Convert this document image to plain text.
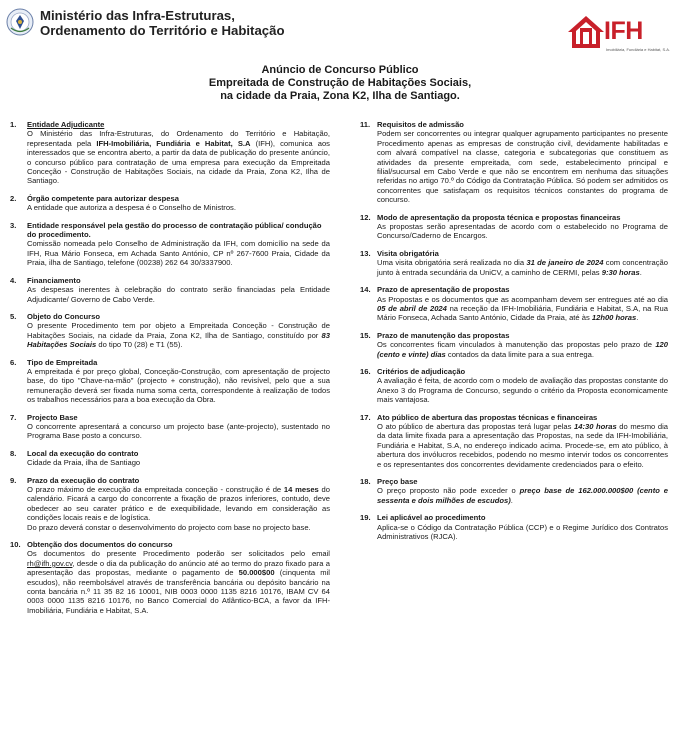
Ministério das Infra-Estruturas,
Ordenamento do Território e Habitação	IFH
Imobiliária, Fundiária e Habitat, S.A.
Anúncio de Concurso Público
Empreitada de Construção de Habitações Sociais,
na cidade da Praia, Zona K2, Ilha de Santiago.
1.	Entidade Adjudicante
O Ministério das Infra-Estruturas, do Ordenamento do Território e Habitação, representada pela IFH-Imobiliária, Fundiária e Habitat, S.A (IFH), comunica aos interessados que se encontra aberto, a partir da data de publicação do presente anúncio, o concurso público para contratação de uma empresa para execução da Empreitada Conceção - Construção de Habitações Sociais, na cidade da Praia, Zona K2, Ilha de Santiago.
2.	Órgão competente para autorizar despesa
A entidade que autoriza a despesa é o Conselho de Ministros.
3.	Entidade responsável pela gestão do processo de contratação pública/ condução do procedimento.
Comissão nomeada pelo Conselho de Administração da IFH, com domicílio na sede da IFH, Rua Mário Fonseca, em Achada Santo António, CP nº 267-7600 Praia, Cidade da Praia, ilha de Santiago, telefone (00238) 262 64 30/3337900.
4.	Financiamento
As despesas inerentes à celebração do contrato serão financiadas pela Entidade Adjudicante/ Governo de Cabo Verde.
5.	Objeto do Concurso
O presente Procedimento tem por objeto a Empreitada Conceção - Construção de Habitações Sociais, na cidade da Praia, Zona K2, Ilha de Santiago, constituído por 83 Habitações Sociais do tipo T0 (28) e T1 (55).
6.	Tipo de Empreitada
A empreitada é por preço global, Conceção-Construção, com apresentação de projecto base, do tipo "Chave-na-mão" (projecto + construção), não revisível, pelo que a sua remuneração deverá ser fixada numa soma certa, correspondente à realização de todos os trabalhos necessários para a boa execução da Obra.
7.	Projecto Base
O concorrente apresentará a concurso um projecto base (ante-projecto), sustentado no Programa Base posto a concurso.
8.	Local da execução do contrato
Cidade da Praia, ilha de Santiago
9.	Prazo da execução do contrato
O prazo máximo de execução da empreitada conceção - construção é de 14 meses do calendário. Ficará a cargo do concorrente a fixação de prazos inferiores, contudo, deve obedecer ao seu carater prático e de exequibilidade, levando em consideração as condições locais reais e de logística.
Do prazo deverá constar o desenvolvimento do projecto com base no projecto base.
10. Obtenção dos documentos do concurso
Os documentos do presente Procedimento poderão ser solicitados pelo email rh@ifh.gov.cv, desde o dia da publicação do anúncio até ao termo do prazo fixado para a apresentação das propostas, mediante o pagamento de 50.000$00 (cinquenta mil escudos), não reembolsável através de transferência bancária ou depósito bancário na conta bancária n.º 11 35 82 16 10001, NIB 0003 0000 1135 8216 10176, IBAM CV 64 0003 0000 1135 8216 10176, no Banco Comercial do Atlântico-BCA, a favor da IFH-Imobiliária, Fundiária e Habitat, S.A.
11. Requisitos de admissão
Podem ser concorrentes ou integrar qualquer agrupamento participantes no presente Procedimento apenas as empresas de construção civil, devidamente habilitadas e com alvará compatível na classe, categoria e subcategorias que constituem as atividades da presente empreitada, com sede, estabelecimento principal e filial/sucursal em Cabo Verde e que não se encontrem em nenhuma das situações referidas no artigo 70.º do Código da Contratação Pública. Só podem ser admitidos os concorrentes que satisfaçam os requisitos técnicos constantes do programa de concurso.
12. Modo de apresentação da proposta técnica e propostas financeiras
As propostas serão apresentadas de acordo com o estabelecido no Programa de Concurso/Caderno de Encargos.
13. Visita obrigatória
Uma visita obrigatória será realizada no dia 31 de janeiro de 2024 com concentração junto à entrada secundária da UniCV, a caminho de CERMI, pelas 9:30 horas.
14. Prazo de apresentação de propostas
As Propostas e os documentos que as acompanham devem ser entregues até ao dia 05 de abril de 2024 na receção da IFH-Imobiliária, Fundiária e Habitat, S.A, na Rua Mário Fonseca, Achada Santo António, Cidade da Praia, até às 12h00 horas.
15. Prazo de manutenção das propostas
Os concorrentes ficam vinculados à manutenção das propostas pelo prazo de 120 (cento e vinte) dias contados da data limite para a sua entrega.
16. Critérios de adjudicação
A avaliação é feita, de acordo com o modelo de avaliação das propostas constante do Anexo 3 do Programa de Concurso, segundo o critério da Proposta economicamente mais vantajosa.
17. Ato público de abertura das propostas técnicas e financeiras
O ato público de abertura das propostas terá lugar pelas 14:30 horas do mesmo dia da data limite fixada para a apresentação das Propostas, na sede da IFH-Imobiliária, Fundiária e Habitat, S.A, no endereço indicado acima. Procede-se, em ato público, à abertura dos invólucros recebidos, podendo no mesmo intervir todos os concorrentes e os representantes dos concorrentes devidamente credenciados para o efeito.
18. Preço base
O preço proposto não pode exceder o preço base de 162.000.000$00 (cento e sessenta e dois milhões de escudos).
19. Lei aplicável ao procedimento
Aplica-se o Código da Contratação Pública (CCP) e o Regime Jurídico dos Contratos Administrativos (RJCA).
